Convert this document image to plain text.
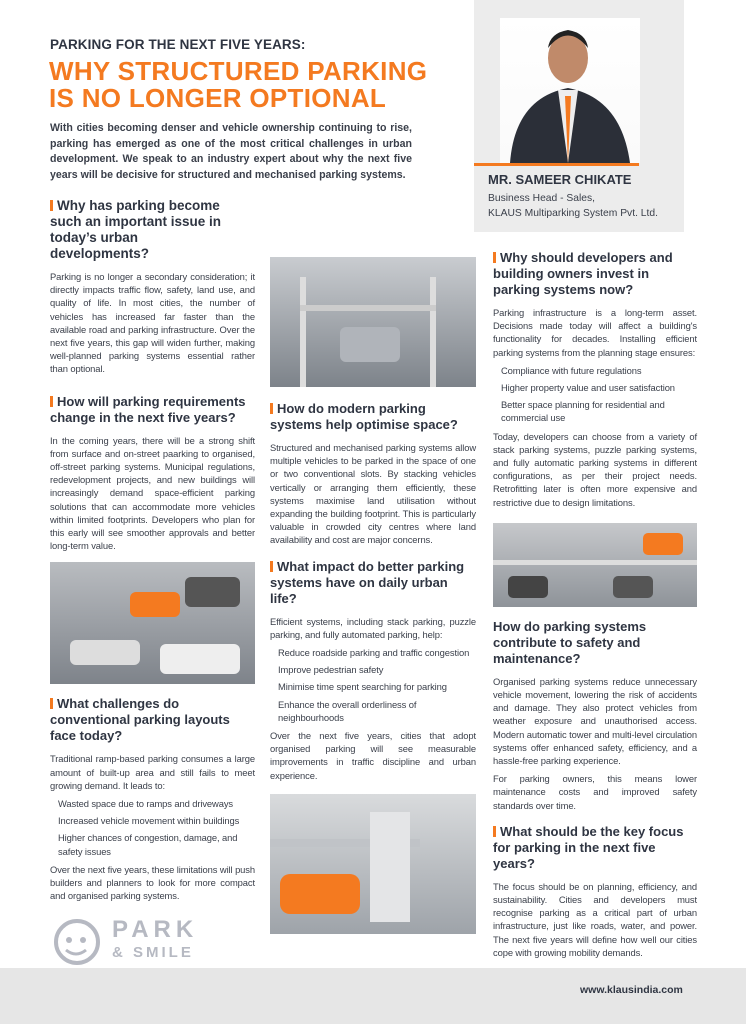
www.klausindia.com
PARKING FOR THE NEXT FIVE YEARS:
WHY STRUCTURED PARKING
IS NO LONGER OPTIONAL
With cities becoming denser and vehicle ownership continuing to rise, parking has emerged as one of the most critical challenges in urban development. We speak to an industry expert about why the next five years will be decisive for structured and mechanised parking systems.	MR. SAMEER CHIKATE
Business Head - Sales,
KLAUS Multiparking System Pvt. Ltd.
Why has parking become such an important issue in today’s urban developments?

Parking is no longer a secondary consideration; it directly impacts traffic flow, safety, land use, and quality of life. In most cities, the number of vehicles has increased far faster than the available road and parking infrastructure. Over the next five years, this gap will widen further, making well-planned parking systems essential rather than optional.

How will parking requirements change in the next five years?

In the coming years, there will be a strong shift from surface and on-street paarking to organised, off-street parking systems. Municipal regulations, redevelopment projects, and new buildings will increasingly demand space-efficient parking solutions that can accommodate more vehicles within limited footprints. Developers who plan for this early will see smoother approvals and better long-term value.

What challenges do conventional parking layouts face today?

Traditional ramp-based parking consumes a large amount of built-up area and still fails to meet growing demand. It leads to:

Wasted space due to ramps and driveways
Increased vehicle movement within buildings
Higher chances of congestion, damage, and safety issues

Over the next five years, these limitations will push builders and planners to look for more compact and organised parking systems.

PARK
& SMILE
How do modern parking systems help optimise space?

Structured and mechanised parking systems allow multiple vehicles to be parked in the space of one or two conventional slots. By stacking vehicles vertically or arranging them efficiently, these systems maximise land utilisation without expanding the building footprint. This is particularly valuable in crowded city centres where land availability and cost are major concerns.

What impact do better parking systems have on daily urban life?

Efficient systems, including stack parking, puzzle parking, and fully automated parking, help:

Reduce roadside parking and traffic congestion
Improve pedestrian safety
Minimise time spent searching for parking
Enhance the overall orderliness of neighbourhoods

Over the next five years, cities that adopt organised parking will see measurable improvements in traffic discipline and urban experience.

Why should developers and building owners invest in parking systems now?

Parking infrastructure is a long-term asset. Decisions made today will affect a building's functionality for decades. Installing efficient parking systems from the planning stage ensures:

Compliance with future regulations
Higher property value and user satisfaction
Better space planning for residential and commercial use

Today, developers can choose from a variety of stack parking systems, puzzle parking systems, and fully automatic parking systems in different configurations, as per their project needs. Retrofitting later is often more expensive and restrictive due to design limitations.

How do parking systems contribute to safety and maintenance?

Organised parking systems reduce unnecessary vehicle movement, lowering the risk of accidents and damage. They also protect vehicles from weather exposure and unauthorised access. Modern automatic tower and multi-level circulation systems offer enhanced safety, efficiency, and a hassle-free parking experience.

For parking owners, this means lower maintenance costs and improved safety standards over time.

What should be the key focus for parking in the next five years?

The focus should be on planning, efficiency, and sustainability. Cities and developers must recognise parking as a critical part of urban infrastructure, just like roads, water, and power. The next five years will define how well our cities cope with growing mobility demands.
